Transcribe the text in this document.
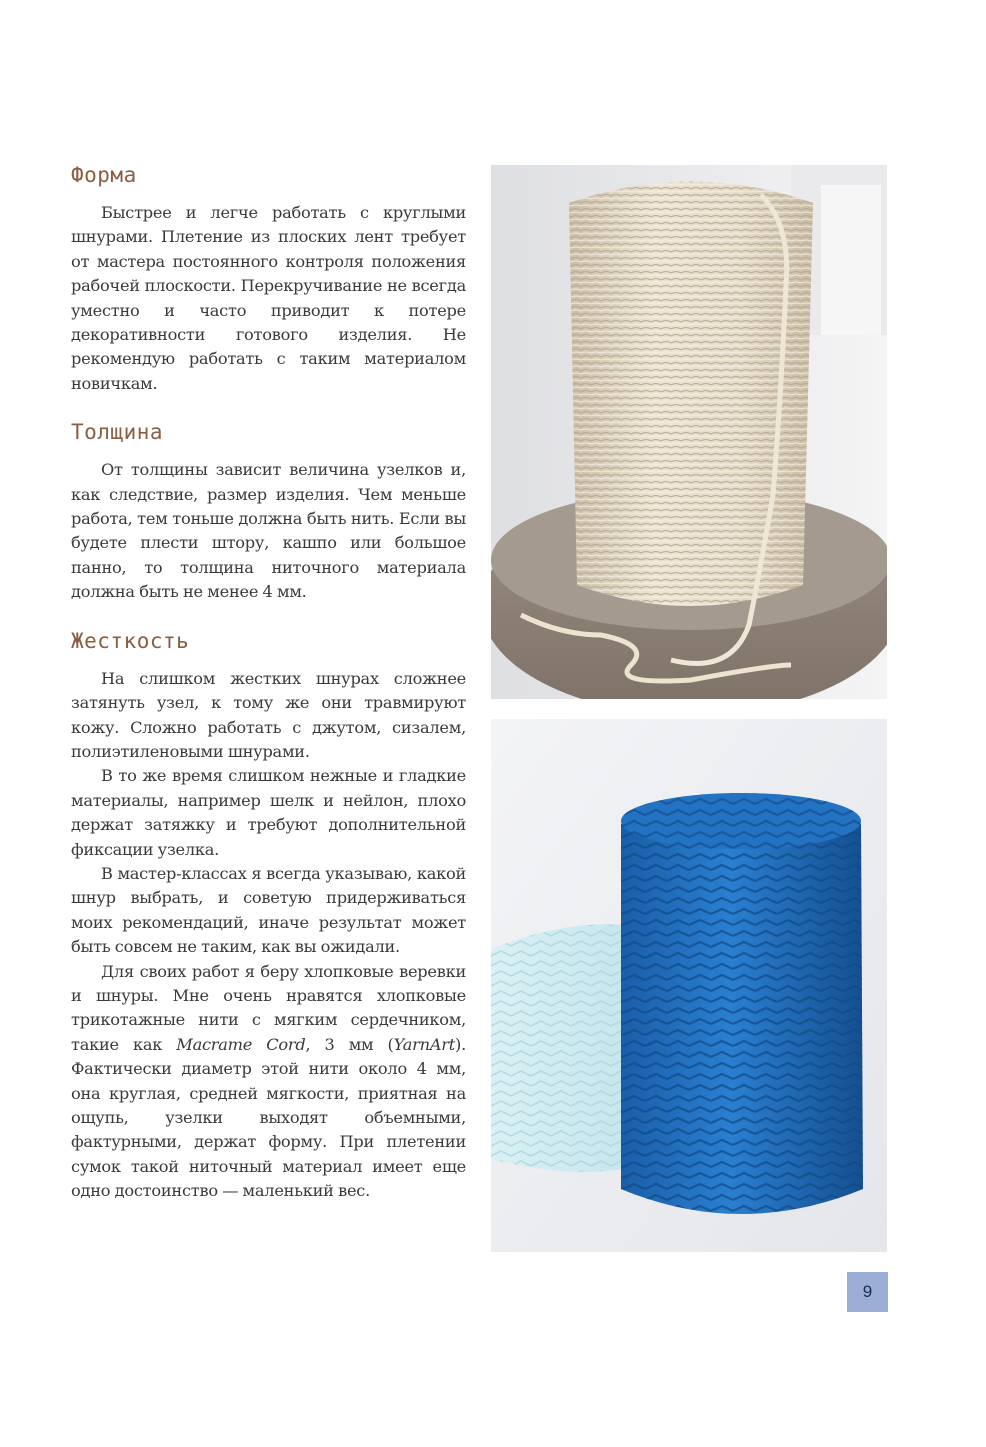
Форма

Быстрее и легче работать с круглыми шнурами. Плетение из плоских лент требует от мастера постоянного контроля положения рабочей плоскости. Перекручивание не всегда уместно и часто приводит к потере декоративности готового изделия. Не рекомендую работать с таким материалом новичкам.

Толщина

От толщины зависит величина узелков и, как следствие, размер изделия. Чем меньше работа, тем тоньше должна быть нить. Если вы будете плести штору, кашпо или большое панно, то толщина ниточного материала должна быть не менее 4 мм.

Жесткость

На слишком жестких шнурах сложнее затянуть узел, к тому же они травмируют кожу. Сложно работать с джутом, сизалем, полиэтиленовыми шнурами.

В то же время слишком нежные и гладкие материалы, например шелк и нейлон, плохо держат затяжку и требуют дополнительной фиксации узелка.

В мастер-классах я всегда указываю, какой шнур выбрать, и советую придерживаться моих рекомендаций, иначе результат может быть совсем не таким, как вы ожидали.

Для своих работ я беру хлопковые веревки и шнуры. Мне очень нравятся хлопковые трикотажные нити с мягким сердечником, такие как Macrame Cord, 3 мм (YarnArt). Фактически диаметр этой нити около 4 мм, она круглая, средней мягкости, приятная на ощупь, узелки выходят объемными, фактурными, держат форму. При плетении сумок такой ниточный материал имеет еще одно достоинство — маленький вес.

9
